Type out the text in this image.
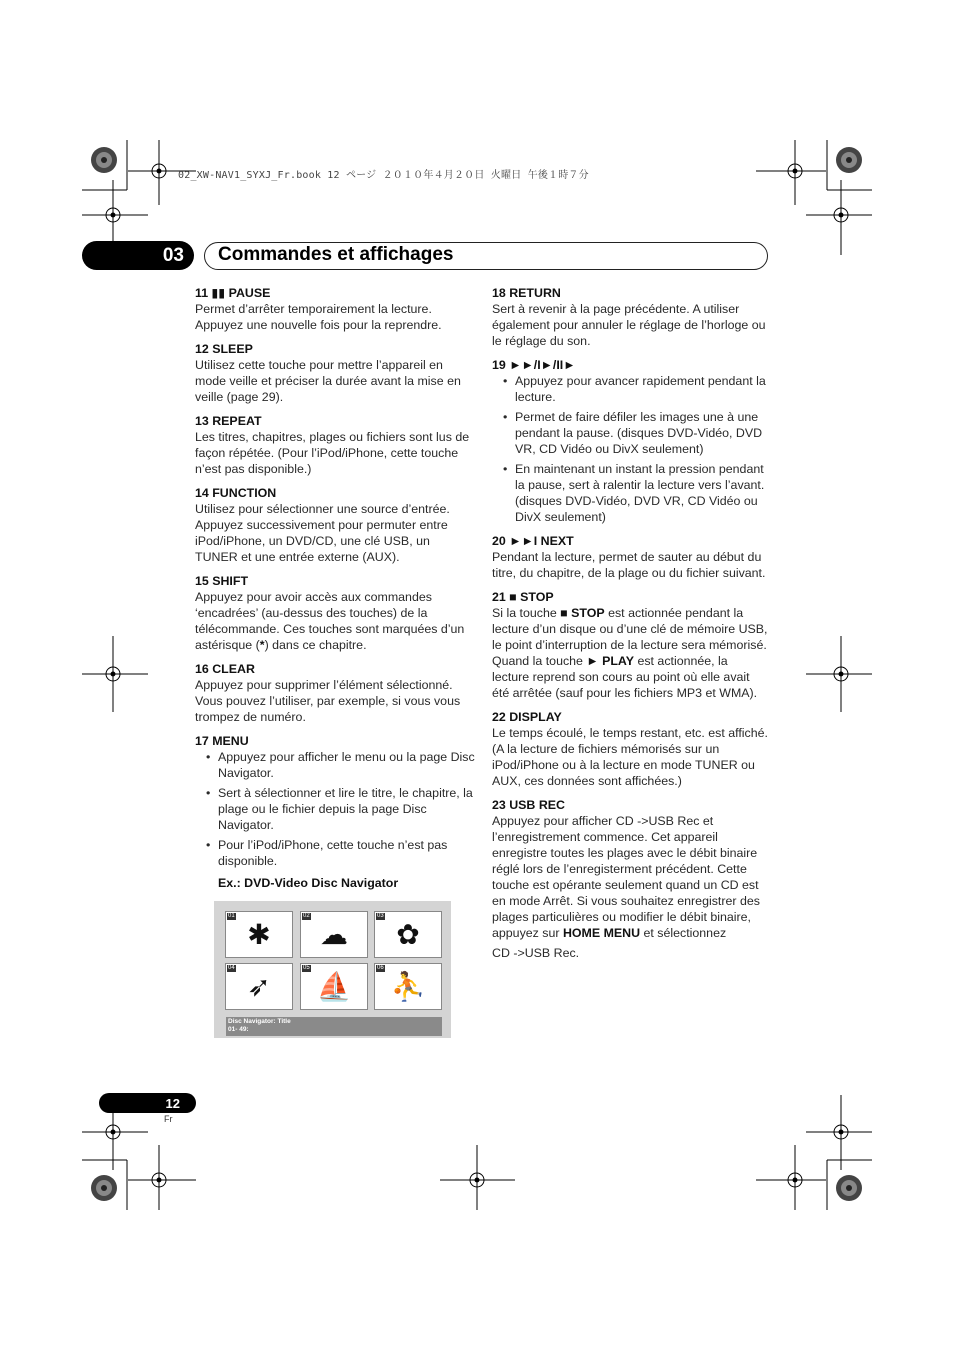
02_XW-NAV1_SYXJ_Fr.book 12 ページ ２０１０年４月２０日 火曜日 午後１時７分
03	Commandes et affichages
11 ▮▮ PAUSE

Permet d’arrêter temporairement la lecture. Appuyez une nouvelle fois pour la reprendre.

12 SLEEP

Utilisez cette touche pour mettre l’appareil en mode veille et préciser la durée avant la mise en veille (page 29).

13 REPEAT

Les titres, chapitres, plages ou fichiers sont lus de façon répétée. (Pour l’iPod/iPhone, cette touche n’est pas disponible.)

14 FUNCTION

Utilisez pour sélectionner une source d’entrée. Appuyez successivement pour permuter entre iPod/iPhone, un DVD/CD, une clé USB, un TUNER et une entrée externe (AUX).

15 SHIFT

Appuyez pour avoir accès aux commandes ‘encadrées’ (au-dessus des touches) de la télécommande. Ces touches sont marquées d’un astérisque (*) dans ce chapitre.

16 CLEAR

Appuyez pour supprimer l’élément sélectionné. Vous pouvez l’utiliser, par exemple, si vous vous trompez de numéro.

17 MENU
• Appuyez pour afficher le menu ou la page Disc Navigator.
• Sert à sélectionner et lire le titre, le chapitre, la plage ou le fichier depuis la page Disc Navigator.
• Pour l’iPod/iPhone, cette touche n’est pas disponible.
Ex.: DVD-Video Disc Navigator
01
✱
02
☁
03
✿
04
➶
05
⛵
06
⛹
Disc Navigator: Title
01- 49:
18 RETURN

Sert à revenir à la page précédente. A utiliser également pour annuler le réglage de l’horloge ou le réglage du son.

19 ►►/I►/II►
• Appuyez pour avancer rapidement pendant la lecture.
• Permet de faire défiler les images une à une pendant la pause. (disques DVD-Vidéo, DVD VR, CD Vidéo ou DivX seulement)
• En maintenant un instant la pression pendant la pause, sert à ralentir la lecture vers l’avant. (disques DVD-Vidéo, DVD VR, CD Vidéo ou DivX seulement)
20 ►►I NEXT

Pendant la lecture, permet de sauter au début du titre, du chapitre, de la plage ou du fichier suivant.

21 ■ STOP

Si la touche ■ STOP est actionnée pendant la lecture d’un disque ou d’une clé de mémoire USB, le point d’interruption de la lecture sera mémorisé. Quand la touche ► PLAY est actionnée, la lecture reprend son cours au point où elle avait été arrêtée (sauf pour les fichiers MP3 et WMA).

22 DISPLAY

Le temps écoulé, le temps restant, etc. est affiché. (A la lecture de fichiers mémorisés sur un iPod/iPhone ou à la lecture en mode TUNER ou AUX, ces données sont affichées.)

23 USB REC

Appuyez pour afficher CD ->USB Rec et l’enregistrement commence. Cet appareil enregistre toutes les plages avec le débit binaire réglé lors de l’enregisterment précédent. Cette touche est opérante seulement quand un CD est en mode Arrêt. Si vous souhaitez enregistrer des plages particulières ou modifier le débit binaire, appuyez sur HOME MENU et sélectionnez

CD ->USB Rec.

12
Fr
